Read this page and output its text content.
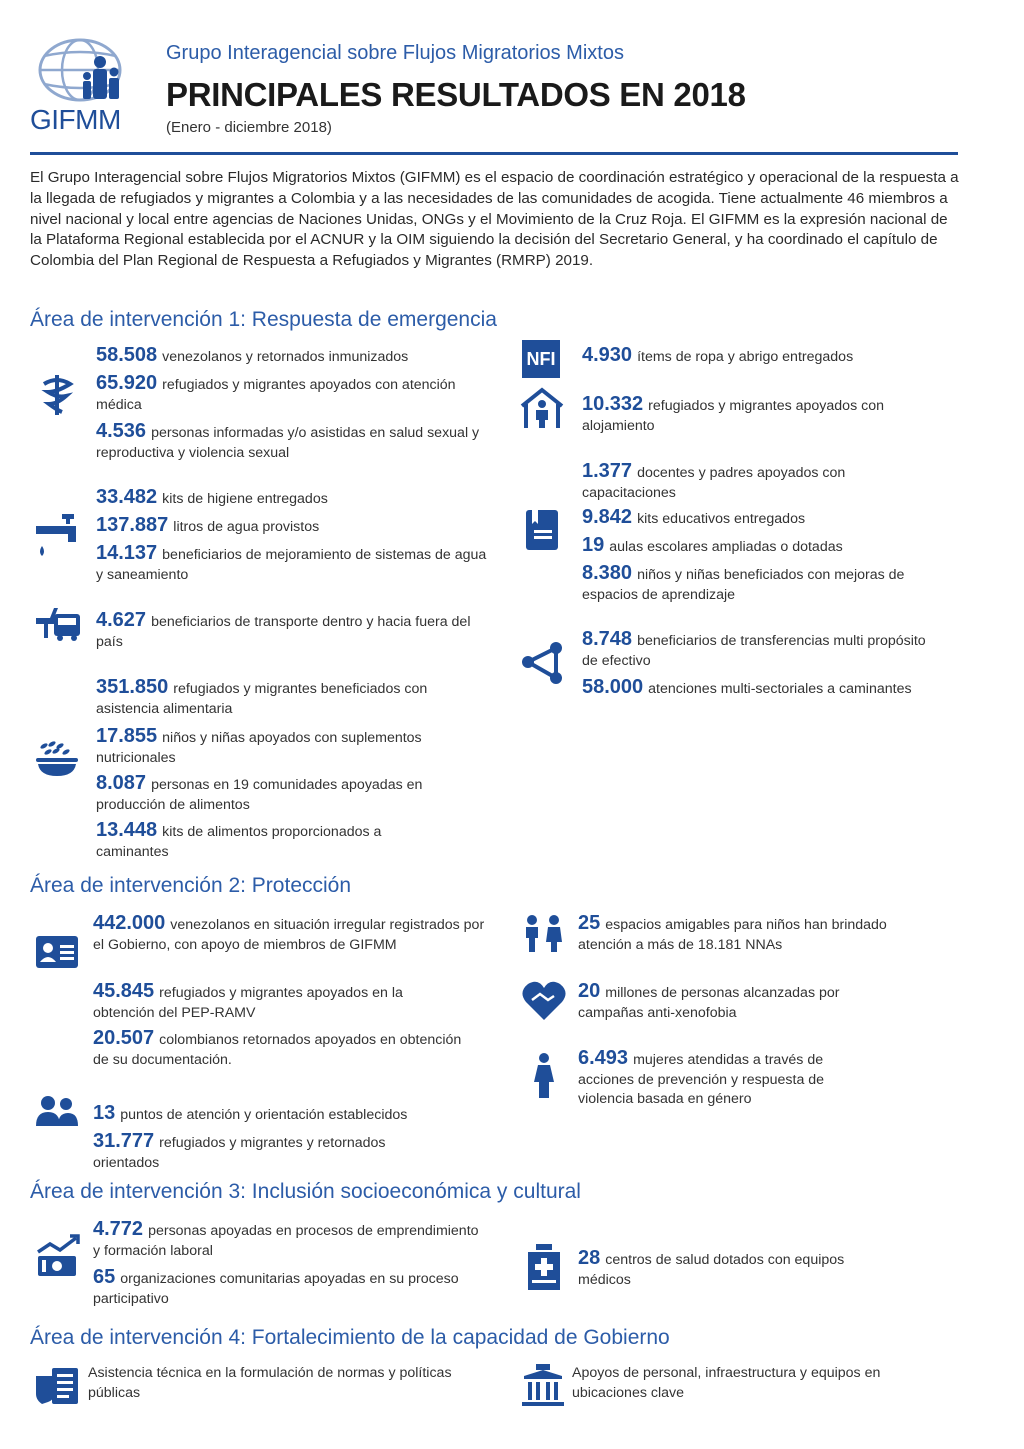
GIFMM
Grupo Interagencial sobre Flujos Migratorios Mixtos
PRINCIPALES RESULTADOS EN 2018
(Enero - diciembre 2018)
El Grupo Interagencial sobre Flujos Migratorios Mixtos (GIFMM) es el espacio de coordinación estratégico y operacional de la respuesta a la llegada de refugiados y migrantes a Colombia y a las necesidades de las comunidades de acogida. Tiene actualmente 46 miembros a nivel nacional y local entre agencias de Naciones Unidas, ONGs y el Movimiento de la Cruz Roja. El GIFMM es la expresión nacional de la Plataforma Regional establecida por el ACNUR y la OIM siguiendo la decisión del Secretario General, y ha coordinado el capítulo de Colombia del Plan Regional de Respuesta a Refugiados y Migrantes (RMRP) 2019.
Área de intervención 1: Respuesta de emergencia
58.508 venezolanos y retornados inmunizados
65.920 refugiados y migrantes apoyados con atención médica
4.536 personas informadas y/o asistidas en salud sexual y reproductiva y violencia sexual
33.482 kits de higiene entregados
137.887 litros de agua provistos
14.137 beneficiarios de mejoramiento de sistemas de agua y saneamiento
4.627 beneficiarios de transporte dentro y hacia fuera del país
351.850 refugiados y migrantes beneficiados con asistencia alimentaria
17.855 niños y niñas apoyados con suplementos nutricionales
8.087 personas en 19 comunidades apoyadas en producción de alimentos
13.448 kits de alimentos proporcionados a caminantes
NFI 4.930 ítems de ropa y abrigo entregados
10.332 refugiados y migrantes apoyados con alojamiento
1.377 docentes y padres apoyados con capacitaciones
9.842 kits educativos entregados
19 aulas escolares ampliadas o dotadas
8.380 niños y niñas beneficiados con mejoras de espacios de aprendizaje
8.748 beneficiarios de transferencias multi propósito de efectivo
58.000 atenciones multi-sectoriales a caminantes
Área de intervención 2: Protección
442.000 venezolanos en situación irregular registrados por el Gobierno, con apoyo de miembros de GIFMM
45.845 refugiados y migrantes apoyados en la obtención del PEP-RAMV
20.507 colombianos retornados apoyados en obtención de su documentación.
13 puntos de atención y orientación establecidos
31.777 refugiados y migrantes y retornados orientados
25 espacios amigables para niños han brindado atención a más de 18.181 NNAs
20 millones de personas alcanzadas por campañas anti-xenofobia
6.493 mujeres atendidas a través de acciones de prevención y respuesta de violencia basada en género
Área de intervención 3: Inclusión socioeconómica y cultural
4.772 personas apoyadas en procesos de emprendimiento y formación laboral
65 organizaciones comunitarias apoyadas en su proceso participativo
28 centros de salud dotados con equipos médicos
Área de intervención 4: Fortalecimiento de la capacidad de Gobierno
Asistencia técnica en la formulación de normas y políticas públicas
Apoyos de personal, infraestructura y equipos en ubicaciones clave
